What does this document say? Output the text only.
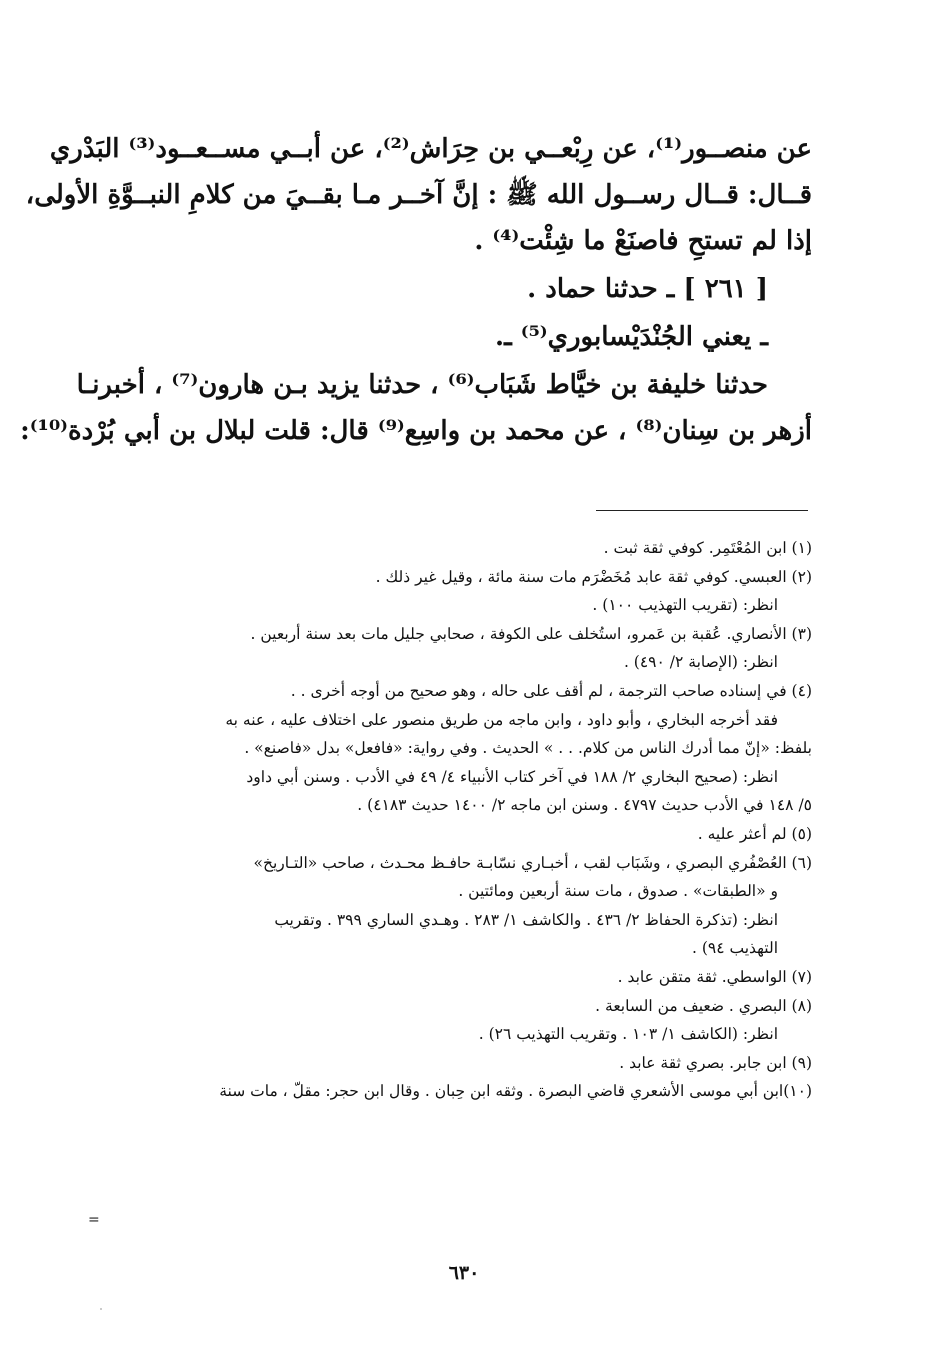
عن منصــور⁽¹⁾، عن رِبْعــي بن حِرَاش⁽²⁾، عن أبــي مســعــود⁽³⁾ البَدْري
قــال: قــال رســول الله ﷺ : إنَّ آخــر مـا بقــيَ من كلامِ النبــوَّةِ الأولى،
إذا لم تستحِ فاصنَعْ ما شِئْت⁽⁴⁾ .
[ ٢٦١ ] ـ حدثنا حماد .
ـ يعني الجُنْدَيْسابوري⁽⁵⁾ ـ.
حدثنا خليفة بن خيَّاط شَبَاب⁽⁶⁾ ، حدثنا يزيد بـن هارون⁽⁷⁾ ، أخبرنـا
أزهر بن سِنان⁽⁸⁾ ، عن محمد بن واسِع⁽⁹⁾ قال: قلت لبلال بن أبي بُرْدة⁽¹⁰⁾:
(١) ابن المُعْتَمِر. كوفي ثقة ثبت .
(٢) العبسي. كوفي ثقة عابد مُخَضْرَم مات سنة مائة ، وقيل غير ذلك .
انظر: (تقريب التهذيب ١٠٠) .
(٣) الأنصاري. عُقبة بن عَمرو، استُخلف على الكوفة ، صحابي جليل مات بعد سنة أربعين .
انظر: (الإصابة ٢/ ٤٩٠) .
(٤) في إسناده صاحب الترجمة ، لم أقف على حاله ، وهو صحيح من أوجه أخرى . .
فقد أخرجه البخاري ، وأبو داود ، وابن ماجه من طريق منصور على اختلاف عليه ، عنه به
بلفظ: «إنّ مما أدرك الناس من كلام. . . » الحديث . وفي رواية: «فافعل» بدل «فاصنع» .
انظر: (صحيح البخاري ٢/ ١٨٨ في آخر كتاب الأنبياء ٤/ ٤٩ في الأدب . وسنن أبي داود
٥/ ١٤٨ في الأدب حديث ٤٧٩٧ . وسنن ابن ماجه ٢/ ١٤٠٠ حديث ٤١٨٣) .
(٥) لم أعثر عليه .
(٦) العُصْفُري البصري ، وشَبَاب لقب ، أخبـاري نسّابـة حافـظ محـدث ، صاحب «التـاريخ»
و «الطبقات» . صدوق ، مات سنة أربعين ومائتين .
انظر: (تذكرة الحفاظ ٢/ ٤٣٦ . والكاشف ١/ ٢٨٣ . وهـدي الساري ٣٩٩ . وتقريب
التهذيب ٩٤) .
(٧) الواسطي. ثقة متقن عابد .
(٨) البصري . ضعيف من السابعة .
انظر: (الكاشف ١/ ١٠٣ . وتقريب التهذيب ٢٦) .
(٩) ابن جابر. بصري ثقة عابد .
(١٠)ابن أبي موسى الأشعري قاضي البصرة . وثقه ابن حِبان . وقال ابن حجر: مقلّ ، مات سنة
=
٦٣٠
